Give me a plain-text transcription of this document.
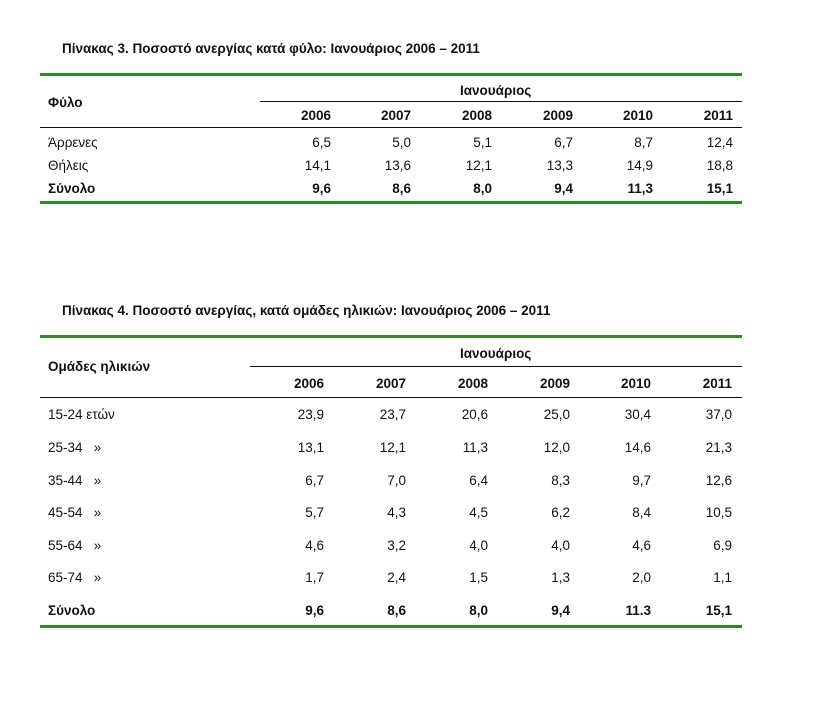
Πίνακας 3. Ποσοστό ανεργίας κατά φύλο: Ιανουάριος 2006 – 2011
Φύλο
Ιανουάριος
2006	2007	2008	2009	2010	2011
Άρρενες	6,5	5,0	5,1	6,7	8,7	12,4
Θήλεις	14,1	13,6	12,1	13,3	14,9	18,8
Σύνολο	9,6	8,6	8,0	9,4	11,3	15,1
Πίνακας 4. Ποσοστό ανεργίας, κατά ομάδες ηλικιών: Ιανουάριος 2006 – 2011
Ομάδες ηλικιών
Ιανουάριος
2006	2007	2008	2009	2010	2011
15-24 ετών	23,9	23,7	20,6	25,0	30,4	37,0
25-34   »	13,1	12,1	11,3	12,0	14,6	21,3
35-44   »	6,7	7,0	6,4	8,3	9,7	12,6
45-54   »	5,7	4,3	4,5	6,2	8,4	10,5
55-64   »	4,6	3,2	4,0	4,0	4,6	6,9
65-74   »	1,7	2,4	1,5	1,3	2,0	1,1
Σύνολο	9,6	8,6	8,0	9,4	11.3	15,1
